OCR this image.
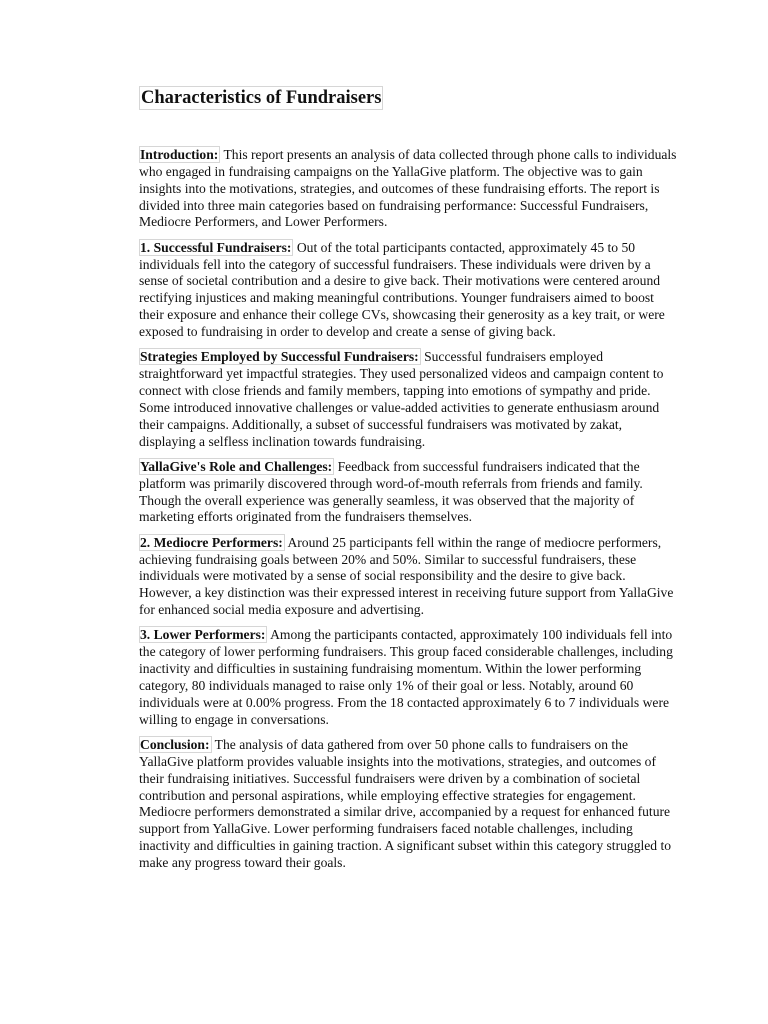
Characteristics of Fundraisers

Introduction: This report presents an analysis of data collected through phone calls to individuals who engaged in fundraising campaigns on the YallaGive platform. The objective was to gain insights into the motivations, strategies, and outcomes of these fundraising efforts. The report is divided into three main categories based on fundraising performance: Successful Fundraisers, Mediocre Performers, and Lower Performers.

1. Successful Fundraisers: Out of the total participants contacted, approximately 45 to 50 individuals fell into the category of successful fundraisers. These individuals were driven by a sense of societal contribution and a desire to give back. Their motivations were centered around rectifying injustices and making meaningful contributions. Younger fundraisers aimed to boost their exposure and enhance their college CVs, showcasing their generosity as a key trait, or were exposed to fundraising in order to develop and create a sense of giving back.

Strategies Employed by Successful Fundraisers: Successful fundraisers employed straightforward yet impactful strategies. They used personalized videos and campaign content to connect with close friends and family members, tapping into emotions of sympathy and pride. Some introduced innovative challenges or value-added activities to generate enthusiasm around their campaigns. Additionally, a subset of successful fundraisers was motivated by zakat, displaying a selfless inclination towards fundraising.

YallaGive's Role and Challenges: Feedback from successful fundraisers indicated that the platform was primarily discovered through word-of-mouth referrals from friends and family. Though the overall experience was generally seamless, it was observed that the majority of marketing efforts originated from the fundraisers themselves.

2. Mediocre Performers: Around 25 participants fell within the range of mediocre performers, achieving fundraising goals between 20% and 50%. Similar to successful fundraisers, these individuals were motivated by a sense of social responsibility and the desire to give back. However, a key distinction was their expressed interest in receiving future support from YallaGive for enhanced social media exposure and advertising.

3. Lower Performers: Among the participants contacted, approximately 100 individuals fell into the category of lower performing fundraisers. This group faced considerable challenges, including inactivity and difficulties in sustaining fundraising momentum. Within the lower performing category, 80 individuals managed to raise only 1% of their goal or less. Notably, around 60 individuals were at 0.00% progress. From the 18 contacted approximately 6 to 7 individuals were willing to engage in conversations.

Conclusion: The analysis of data gathered from over 50 phone calls to fundraisers on the YallaGive platform provides valuable insights into the motivations, strategies, and outcomes of their fundraising initiatives. Successful fundraisers were driven by a combination of societal contribution and personal aspirations, while employing effective strategies for engagement. Mediocre performers demonstrated a similar drive, accompanied by a request for enhanced future support from YallaGive. Lower performing fundraisers faced notable challenges, including inactivity and difficulties in gaining traction. A significant subset within this category struggled to make any progress toward their goals.
